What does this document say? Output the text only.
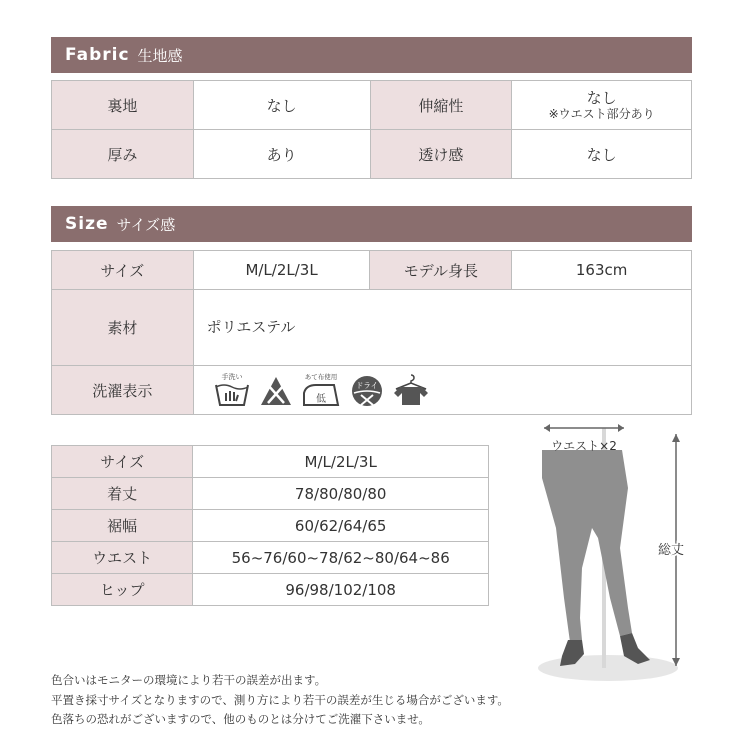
Fabric 生地感
裏地	なし	伸縮性	なし
※ウエスト部分あり

厚み	あり	透け感	なし
Size サイズ感
サイズ	M/L/2L/3L	モデル身長	163cm
素材	ポリエステル		
洗濯表示	手洗い あて布使用
低
ドライ		
サイズ	M/L/2L/3L
着丈	78/80/80/80
裾幅	60/62/64/65
ウエスト	56~76/60~78/62~80/64~86
ヒップ	96/98/102/108
ウエスト×2
総丈
色合いはモニターの環境により若干の誤差が出ます。
平置き採寸サイズとなりますので、測り方により若干の誤差が生じる場合がございます。
色落ちの恐れがございますので、他のものとは分けてご洗濯下さいませ。
